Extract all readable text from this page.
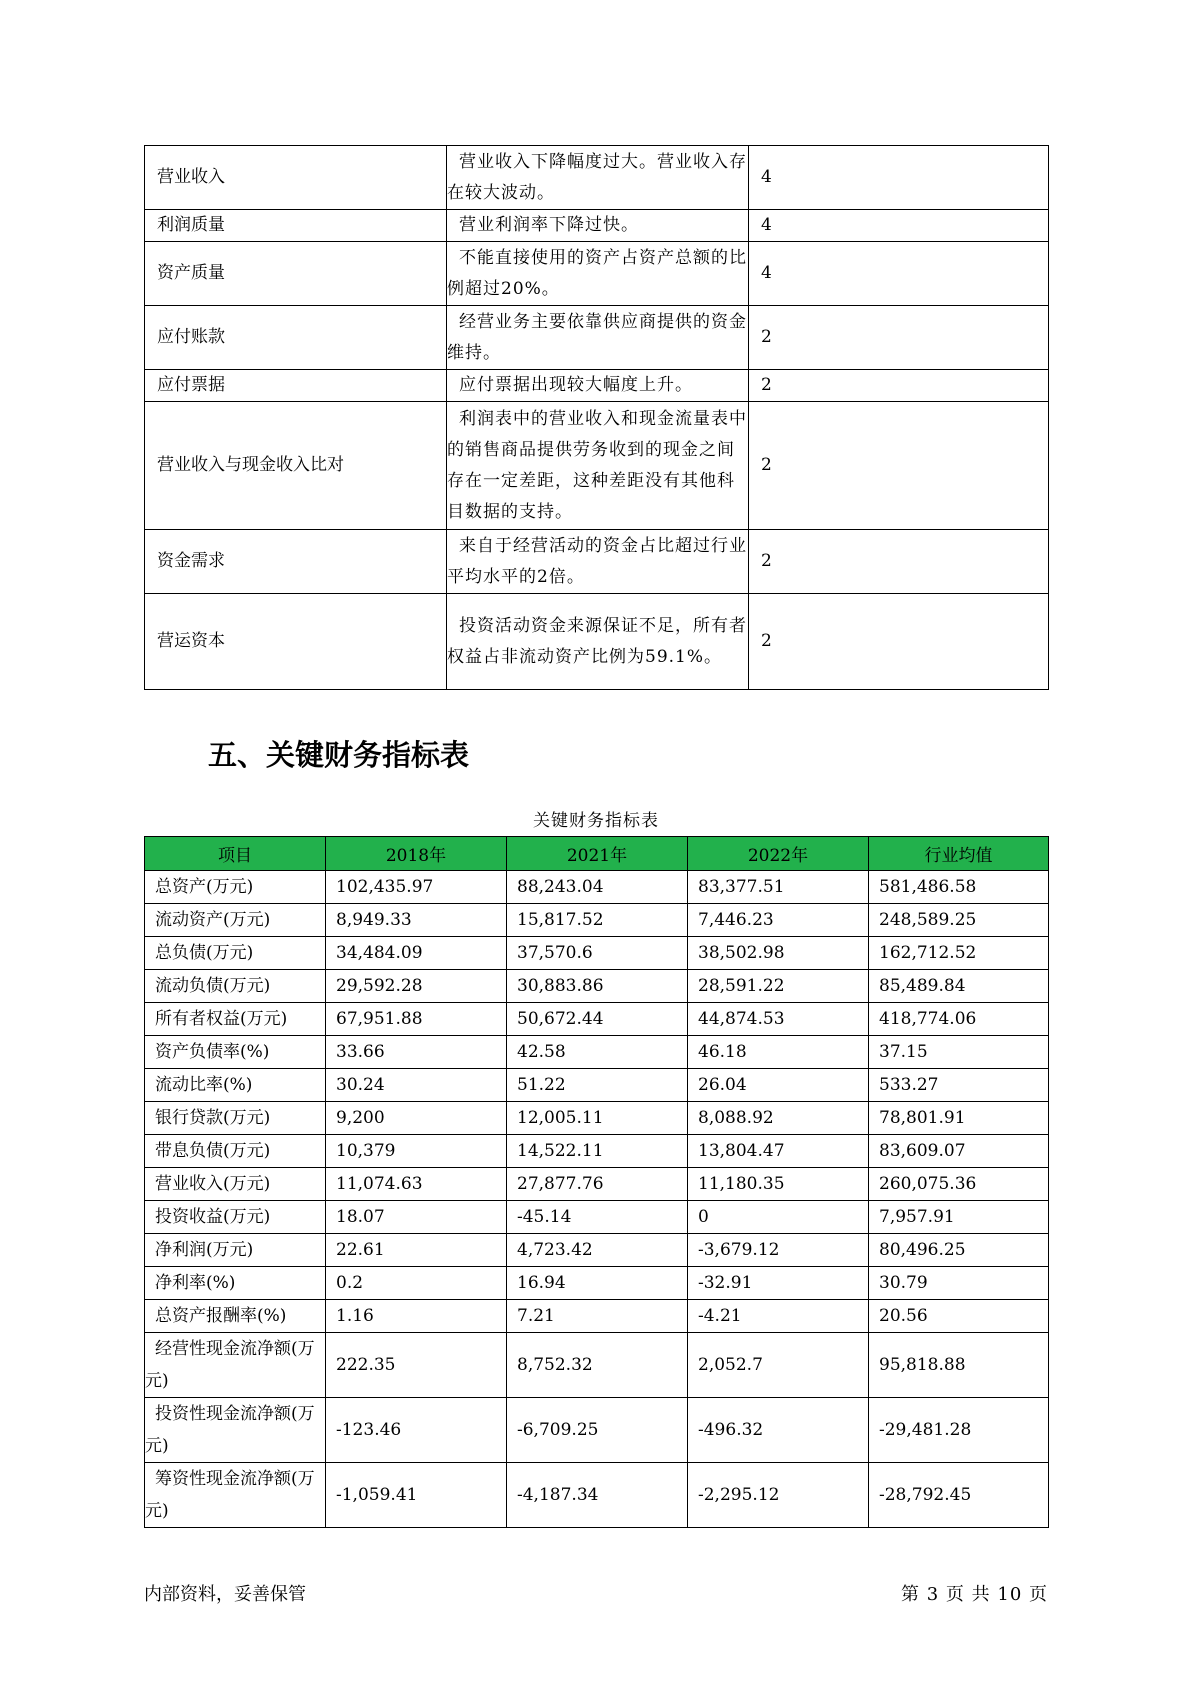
营业收入	营业收入下降幅度过大。营业收入存在较大波动。	4
利润质量	营业利润率下降过快。	4
资产质量	不能直接使用的资产占资产总额的比例超过20%。	4
应付账款	经营业务主要依靠供应商提供的资金维持。	2
应付票据	应付票据出现较大幅度上升。	2
营业收入与现金收入比对	利润表中的营业收入和现金流量表中的销售商品提供劳务收到的现金之间存在一定差距，这种差距没有其他科目数据的支持。	2
资金需求	来自于经营活动的资金占比超过行业平均水平的2倍。	2
营运资本	投资活动资金来源保证不足，所有者权益占非流动资产比例为59.1%。	2
五、关键财务指标表
关键财务指标表
项目	2018年	2021年	2022年	行业均值
总资产(万元)	102,435.97	88,243.04	83,377.51	581,486.58
流动资产(万元)	8,949.33	15,817.52	7,446.23	248,589.25
总负债(万元)	34,484.09	37,570.6	38,502.98	162,712.52
流动负债(万元)	29,592.28	30,883.86	28,591.22	85,489.84
所有者权益(万元)	67,951.88	50,672.44	44,874.53	418,774.06
资产负债率(%)	33.66	42.58	46.18	37.15
流动比率(%)	30.24	51.22	26.04	533.27
银行贷款(万元)	9,200	12,005.11	8,088.92	78,801.91
带息负债(万元)	10,379	14,522.11	13,804.47	83,609.07
营业收入(万元)	11,074.63	27,877.76	11,180.35	260,075.36
投资收益(万元)	18.07	-45.14	0	7,957.91
净利润(万元)	22.61	4,723.42	-3,679.12	80,496.25
净利率(%)	0.2	16.94	-32.91	30.79
总资产报酬率(%)	1.16	7.21	-4.21	20.56
经营性现金流净额(万元)	222.35	8,752.32	2,052.7	95,818.88
投资性现金流净额(万元)	-123.46	-6,709.25	-496.32	-29,481.28
筹资性现金流净额(万元)	-1,059.41	-4,187.34	-2,295.12	-28,792.45
内部资料，妥善保管	第 3 页 共 10 页
